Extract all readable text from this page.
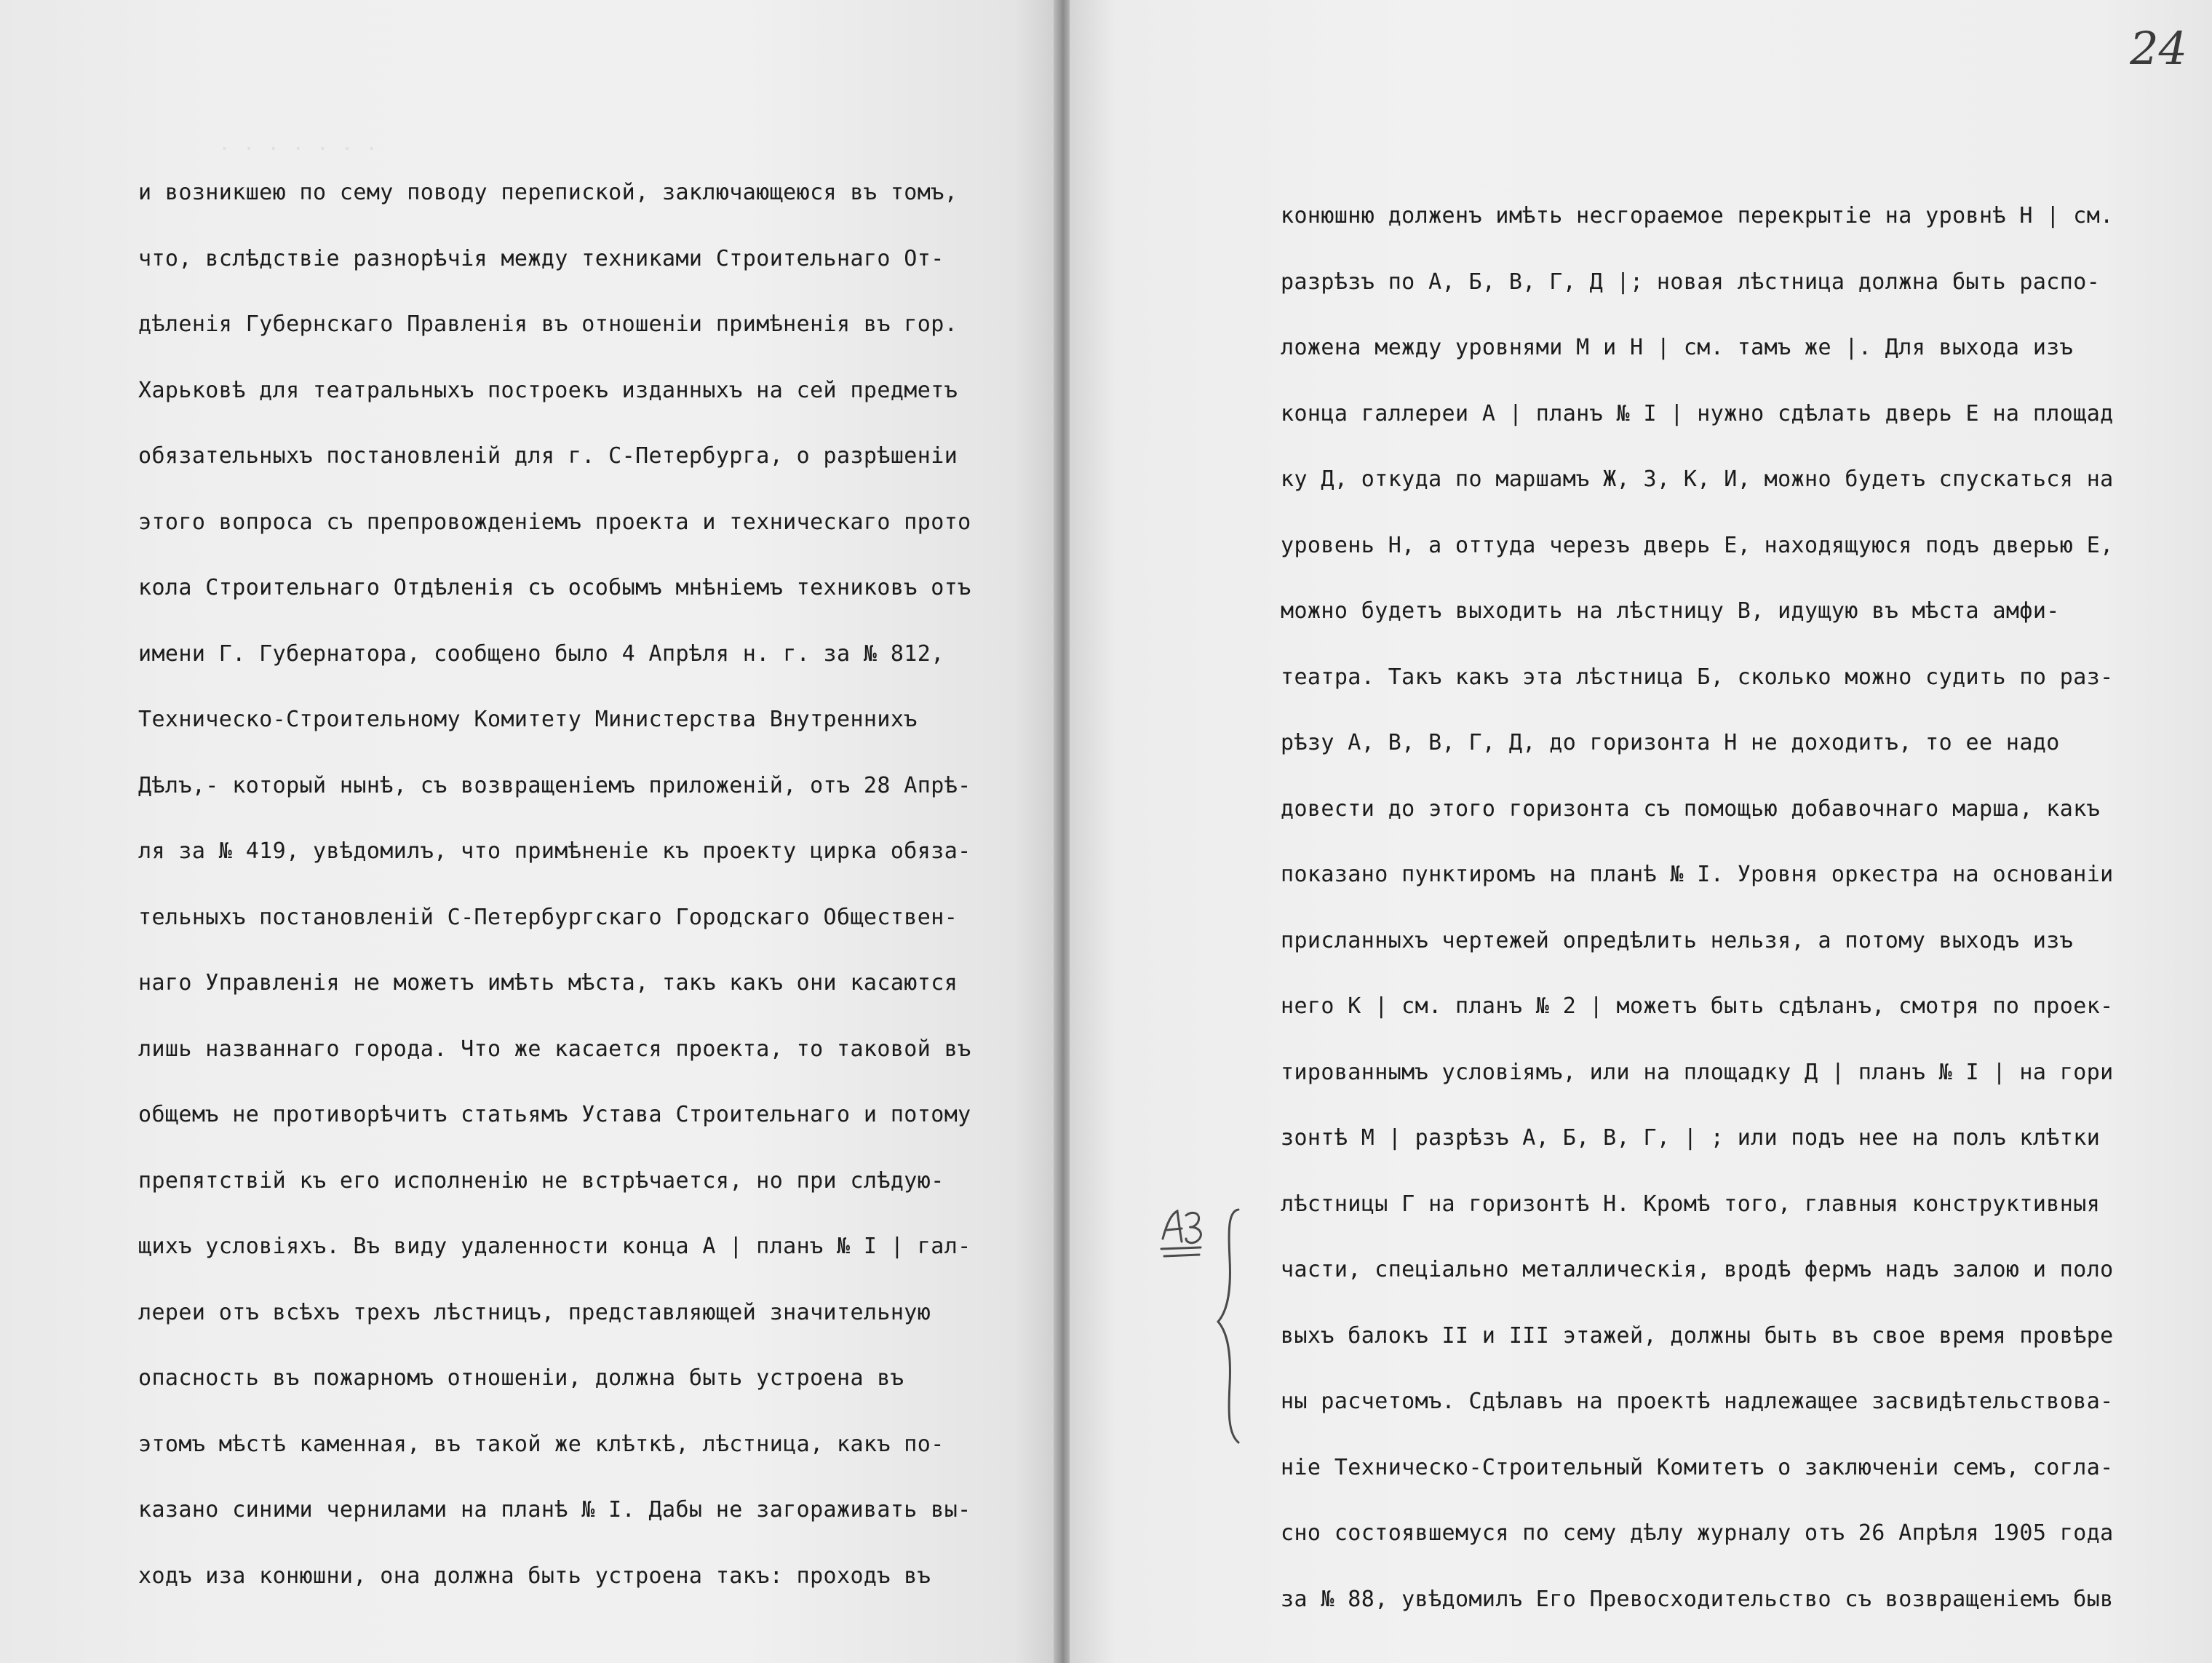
. . . . . . .
и возникшею по сему поводу перепиской, заключающеюся въ томъ,
что, вслѣдствіе разнорѣчія между техниками Строительнаго От-
дѣленія Губернскаго Правленія въ отношеніи примѣненія въ гор.
Харьковѣ для театральныхъ построекъ изданныхъ на сей предметъ
обязательныхъ постановленій для г. С-Петербурга, о разрѣшеніи
этого вопроса съ препровожденіемъ проекта и техническаго прото
кола Строительнаго Отдѣленія съ особымъ мнѣніемъ техниковъ отъ
имени Г. Губернатора, сообщено было 4 Апрѣля н. г. за № 812,
Техническо-Строительному Комитету Министерства Внутреннихъ
Дѣлъ,- который нынѣ, съ возвращеніемъ приложеній, отъ 28 Апрѣ-
ля за № 419, увѣдомилъ, что примѣненіе къ проекту цирка обяза-
тельныхъ постановленій С-Петербургскаго Городскаго Обществен-
наго Управленія не можетъ имѣть мѣста, такъ какъ они касаются
лишь названнаго города. Что же касается проекта, то таковой въ
общемъ не противорѣчитъ статьямъ Устава Строительнаго и потому
препятствій къ его исполненію не встрѣчается, но при слѣдую-
щихъ условіяхъ. Въ виду удаленности конца А | планъ № I | гал-
лереи отъ всѣхъ трехъ лѣстницъ, представляющей значительную
опасность въ пожарномъ отношеніи, должна быть устроена въ
этомъ мѣстѣ каменная, въ такой же клѣткѣ, лѣстница, какъ по-
казано синими чернилами на планѣ № I. Дабы не загораживать вы-
ходъ иза конюшни, она должна быть устроена такъ: проходъ въ
24
конюшню долженъ имѣть несгораемое перекрытіе на уровнѣ Н | см.
разрѣзъ по А, Б, В, Г, Д |; новая лѣстница должна быть распо-
ложена между уровнями М и Н | см. тамъ же |. Для выхода изъ
конца галлереи А | планъ № I | нужно сдѣлать дверь Е на площад
ку Д, откуда по маршамъ Ж, З, К, И, можно будетъ спускаться на
уровень Н, а оттуда черезъ дверь Е, находящуюся подъ дверью Е,
можно будетъ выходить на лѣстницу В, идущую въ мѣста амфи-
театра. Такъ какъ эта лѣстница Б, сколько можно судить по раз-
рѣзу А, В, В, Г, Д, до горизонта Н не доходитъ, то ее надо
довести до этого горизонта съ помощью добавочнаго марша, какъ
показано пунктиромъ на планѣ № I. Уровня оркестра на основаніи
присланныхъ чертежей опредѣлить нельзя, а потому выходъ изъ
него К | см. планъ № 2 | можетъ быть сдѣланъ, смотря по проек-
тированнымъ условіямъ, или на площадку Д | планъ № I | на гори
зонтѣ М | разрѣзъ А, Б, В, Г, | ; или подъ нее на полъ клѣтки
лѣстницы Г на горизонтѣ Н. Кромѣ того, главныя конструктивныя
части, спеціально металлическія, вродѣ фермъ надъ залою и поло
выхъ балокъ II и III этажей, должны быть въ свое время провѣре
ны расчетомъ. Сдѣлавъ на проектѣ надлежащее засвидѣтельствова-
ніе Техническо-Строительный Комитетъ о заключеніи семъ, согла-
сно состоявшемуся по сему дѣлу журналу отъ 26 Апрѣля 1905 года
за № 88, увѣдомилъ Его Превосходительство съ возвращеніемъ быв
